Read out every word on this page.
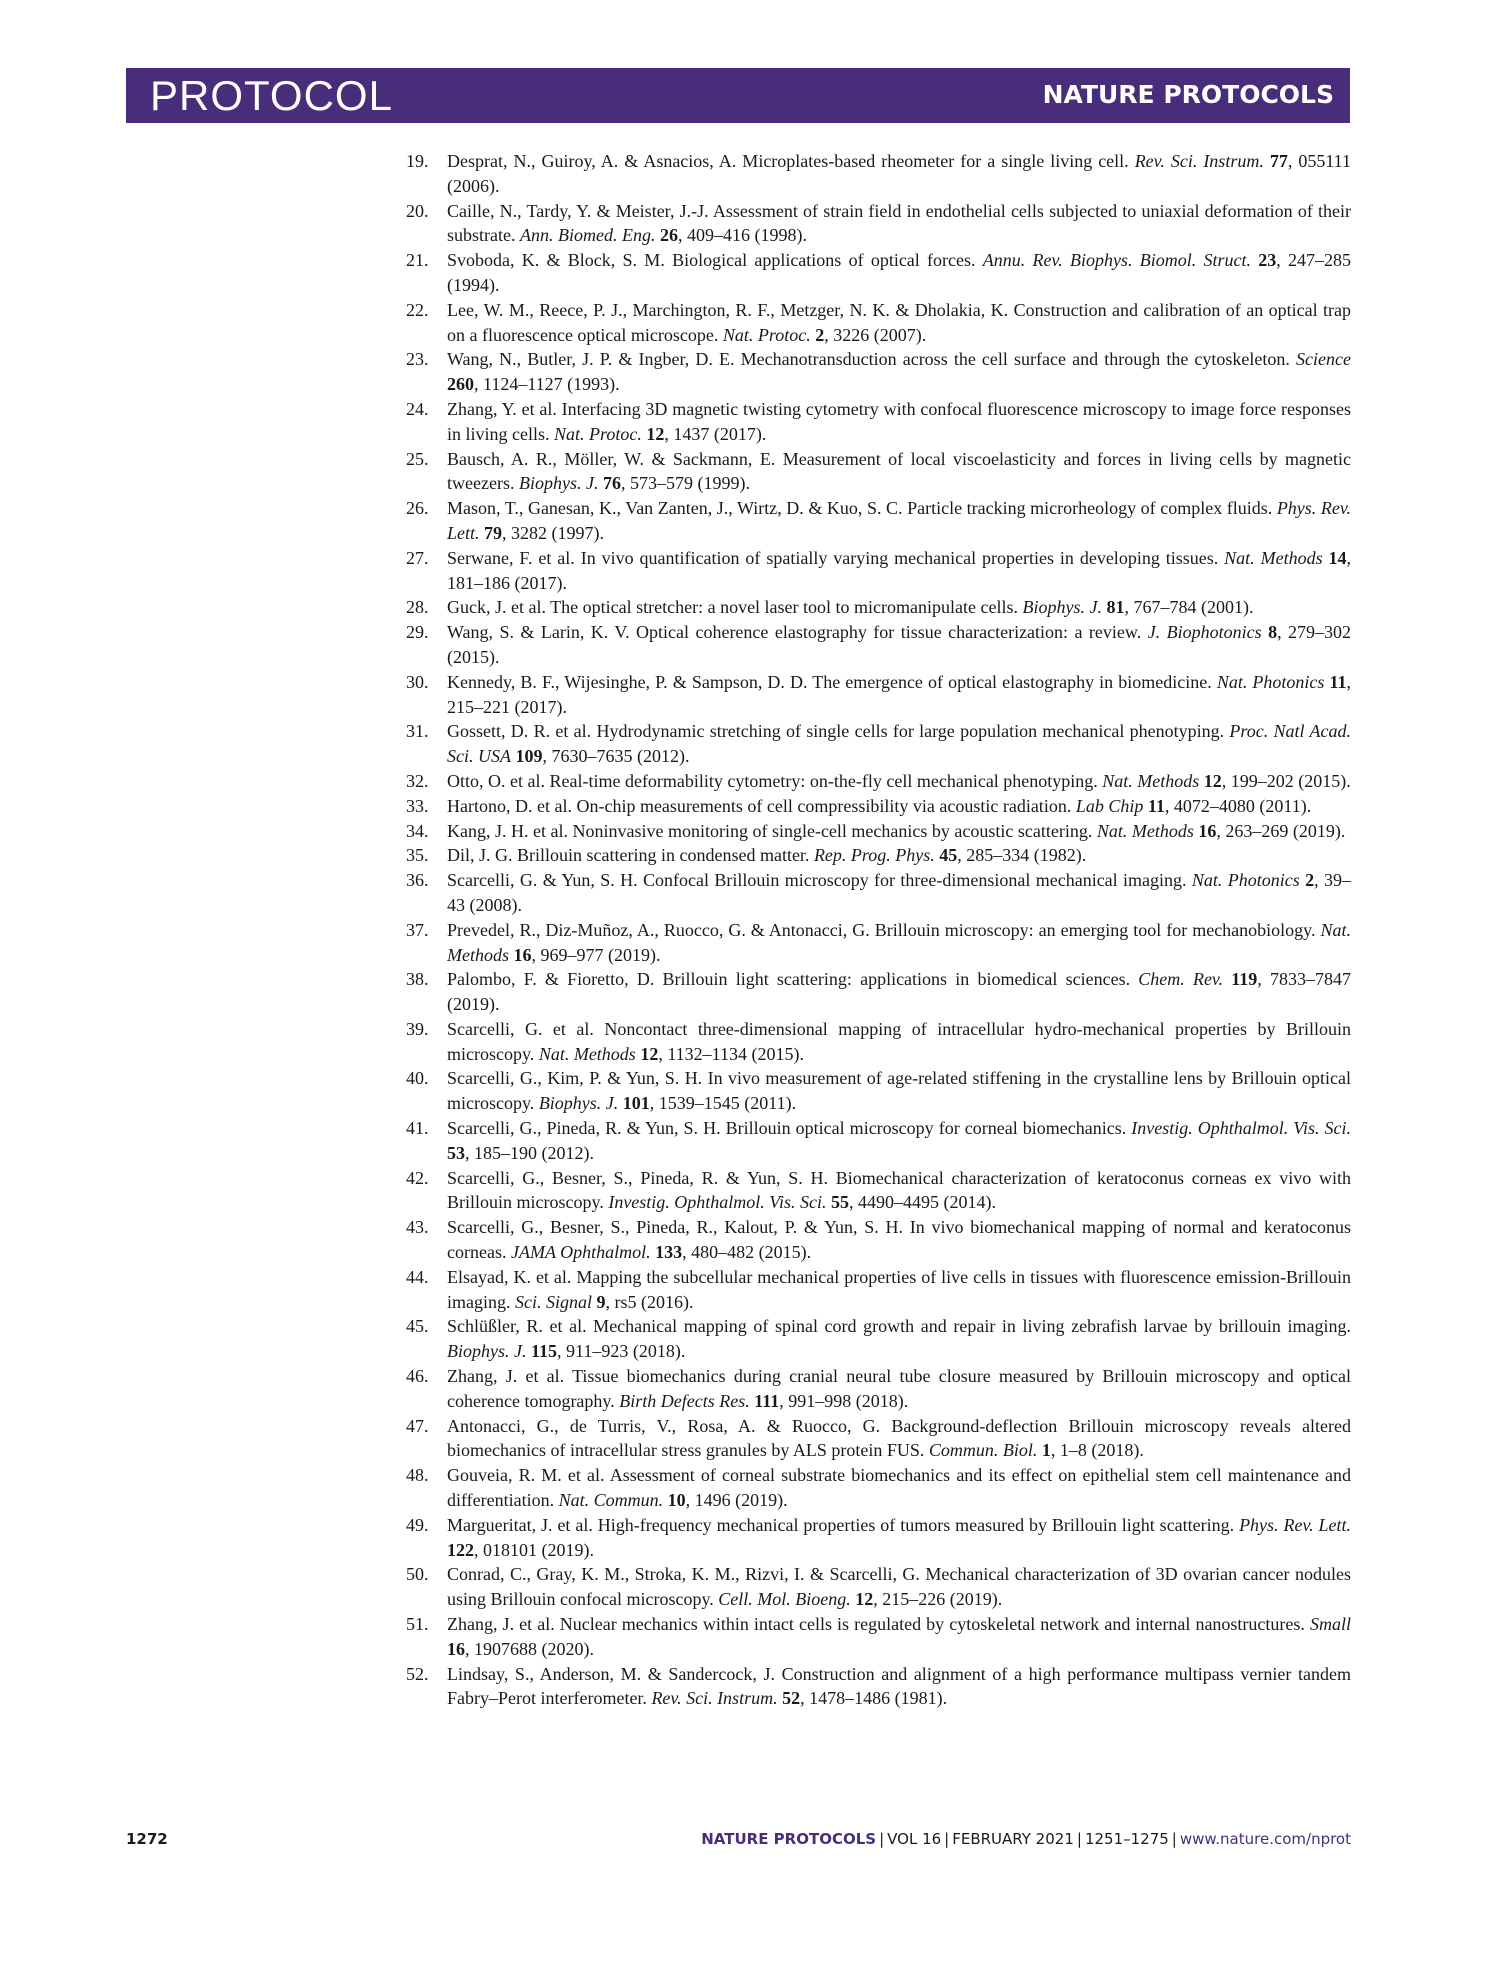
PROTOCOL	NATURE PROTOCOLS
19.	Desprat, N., Guiroy, A. & Asnacios, A. Microplates-based rheometer for a single living cell. Rev. Sci. Instrum. 77, 055111 (2006).
20.	Caille, N., Tardy, Y. & Meister, J.-J. Assessment of strain field in endothelial cells subjected to uniaxial deformation of their substrate. Ann. Biomed. Eng. 26, 409–416 (1998).
21.	Svoboda, K. & Block, S. M. Biological applications of optical forces. Annu. Rev. Biophys. Biomol. Struct. 23, 247–285 (1994).
22.	Lee, W. M., Reece, P. J., Marchington, R. F., Metzger, N. K. & Dholakia, K. Construction and calibration of an optical trap on a fluorescence optical microscope. Nat. Protoc. 2, 3226 (2007).
23.	Wang, N., Butler, J. P. & Ingber, D. E. Mechanotransduction across the cell surface and through the cytoskeleton. Science 260, 1124–1127 (1993).
24.	Zhang, Y. et al. Interfacing 3D magnetic twisting cytometry with confocal fluorescence microscopy to image force responses in living cells. Nat. Protoc. 12, 1437 (2017).
25.	Bausch, A. R., Möller, W. & Sackmann, E. Measurement of local viscoelasticity and forces in living cells by magnetic tweezers. Biophys. J. 76, 573–579 (1999).
26.	Mason, T., Ganesan, K., Van Zanten, J., Wirtz, D. & Kuo, S. C. Particle tracking microrheology of complex fluids. Phys. Rev. Lett. 79, 3282 (1997).
27.	Serwane, F. et al. In vivo quantification of spatially varying mechanical properties in developing tissues. Nat. Methods 14, 181–186 (2017).
28.	Guck, J. et al. The optical stretcher: a novel laser tool to micromanipulate cells. Biophys. J. 81, 767–784 (2001).
29.	Wang, S. & Larin, K. V. Optical coherence elastography for tissue characterization: a review. J. Biophotonics 8, 279–302 (2015).
30.	Kennedy, B. F., Wijesinghe, P. & Sampson, D. D. The emergence of optical elastography in biomedicine. Nat. Photonics 11, 215–221 (2017).
31.	Gossett, D. R. et al. Hydrodynamic stretching of single cells for large population mechanical phenotyping. Proc. Natl Acad. Sci. USA 109, 7630–7635 (2012).
32.	Otto, O. et al. Real-time deformability cytometry: on-the-fly cell mechanical phenotyping. Nat. Methods 12, 199–202 (2015).
33.	Hartono, D. et al. On-chip measurements of cell compressibility via acoustic radiation. Lab Chip 11, 4072–4080 (2011).
34.	Kang, J. H. et al. Noninvasive monitoring of single-cell mechanics by acoustic scattering. Nat. Methods 16, 263–269 (2019).
35.	Dil, J. G. Brillouin scattering in condensed matter. Rep. Prog. Phys. 45, 285–334 (1982).
36.	Scarcelli, G. & Yun, S. H. Confocal Brillouin microscopy for three-dimensional mechanical imaging. Nat. Photonics 2, 39–43 (2008).
37.	Prevedel, R., Diz-Muñoz, A., Ruocco, G. & Antonacci, G. Brillouin microscopy: an emerging tool for mechanobiology. Nat. Methods 16, 969–977 (2019).
38.	Palombo, F. & Fioretto, D. Brillouin light scattering: applications in biomedical sciences. Chem. Rev. 119, 7833–7847 (2019).
39.	Scarcelli, G. et al. Noncontact three-dimensional mapping of intracellular hydro-mechanical properties by Brillouin microscopy. Nat. Methods 12, 1132–1134 (2015).
40.	Scarcelli, G., Kim, P. & Yun, S. H. In vivo measurement of age-related stiffening in the crystalline lens by Brillouin optical microscopy. Biophys. J. 101, 1539–1545 (2011).
41.	Scarcelli, G., Pineda, R. & Yun, S. H. Brillouin optical microscopy for corneal biomechanics. Investig. Ophthalmol. Vis. Sci. 53, 185–190 (2012).
42.	Scarcelli, G., Besner, S., Pineda, R. & Yun, S. H. Biomechanical characterization of keratoconus corneas ex vivo with Brillouin microscopy. Investig. Ophthalmol. Vis. Sci. 55, 4490–4495 (2014).
43.	Scarcelli, G., Besner, S., Pineda, R., Kalout, P. & Yun, S. H. In vivo biomechanical mapping of normal and keratoconus corneas. JAMA Ophthalmol. 133, 480–482 (2015).
44.	Elsayad, K. et al. Mapping the subcellular mechanical properties of live cells in tissues with fluorescence emission-Brillouin imaging. Sci. Signal 9, rs5 (2016).
45.	Schlüßler, R. et al. Mechanical mapping of spinal cord growth and repair in living zebrafish larvae by brillouin imaging. Biophys. J. 115, 911–923 (2018).
46.	Zhang, J. et al. Tissue biomechanics during cranial neural tube closure measured by Brillouin microscopy and optical coherence tomography. Birth Defects Res. 111, 991–998 (2018).
47.	Antonacci, G., de Turris, V., Rosa, A. & Ruocco, G. Background-deflection Brillouin microscopy reveals altered biomechanics of intracellular stress granules by ALS protein FUS. Commun. Biol. 1, 1–8 (2018).
48.	Gouveia, R. M. et al. Assessment of corneal substrate biomechanics and its effect on epithelial stem cell maintenance and differentiation. Nat. Commun. 10, 1496 (2019).
49.	Margueritat, J. et al. High-frequency mechanical properties of tumors measured by Brillouin light scattering. Phys. Rev. Lett. 122, 018101 (2019).
50.	Conrad, C., Gray, K. M., Stroka, K. M., Rizvi, I. & Scarcelli, G. Mechanical characterization of 3D ovarian cancer nodules using Brillouin confocal microscopy. Cell. Mol. Bioeng. 12, 215–226 (2019).
51.	Zhang, J. et al. Nuclear mechanics within intact cells is regulated by cytoskeletal network and internal nanostructures. Small 16, 1907688 (2020).
52.	Lindsay, S., Anderson, M. & Sandercock, J. Construction and alignment of a high performance multipass vernier tandem Fabry–Perot interferometer. Rev. Sci. Instrum. 52, 1478–1486 (1981).
1272	NATURE PROTOCOLS | VOL 16 | FEBRUARY 2021 | 1251–1275 | www.nature.com/nprot
